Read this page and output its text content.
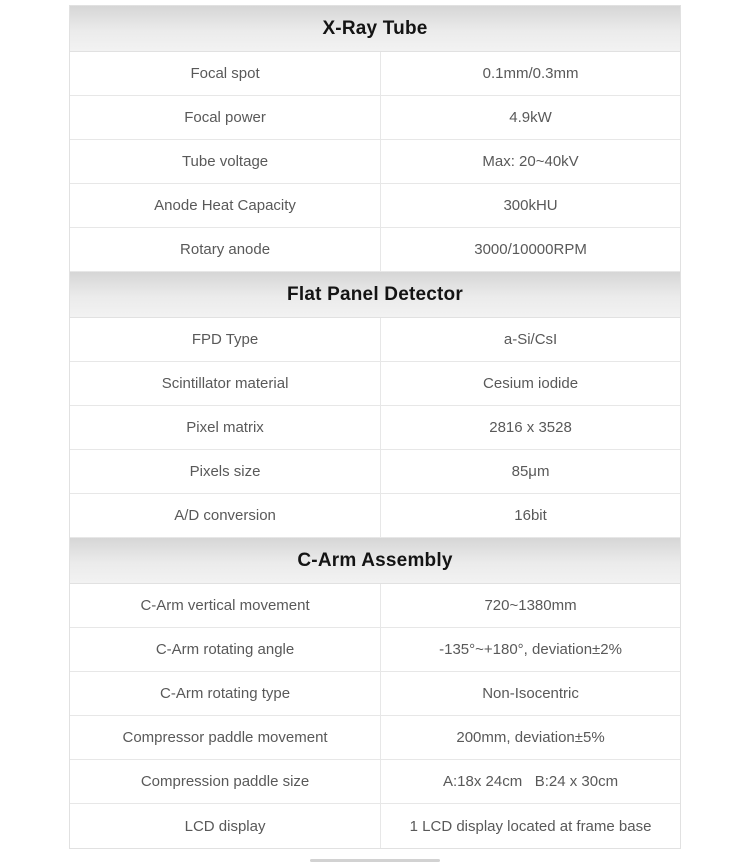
X-Ray Tube
Focal spot	0.1mm/0.3mm
Focal power	4.9kW
Tube voltage	Max: 20~40kV
Anode Heat Capacity	300kHU
Rotary anode	3000/10000RPM
Flat Panel Detector
FPD Type	a-Si/CsI
Scintillator material	Cesium iodide
Pixel matrix	2816 x 3528
Pixels size	85μm
A/D conversion	16bit
C-Arm Assembly
C-Arm vertical movement	720~1380mm
C-Arm rotating angle	-135°~+180°, deviation±2%
C-Arm rotating type	Non-Isocentric
Compressor paddle movement	200mm, deviation±5%
Compression paddle size	A:18x 24cm   B:24 x 30cm
LCD display	1 LCD display located at frame base
